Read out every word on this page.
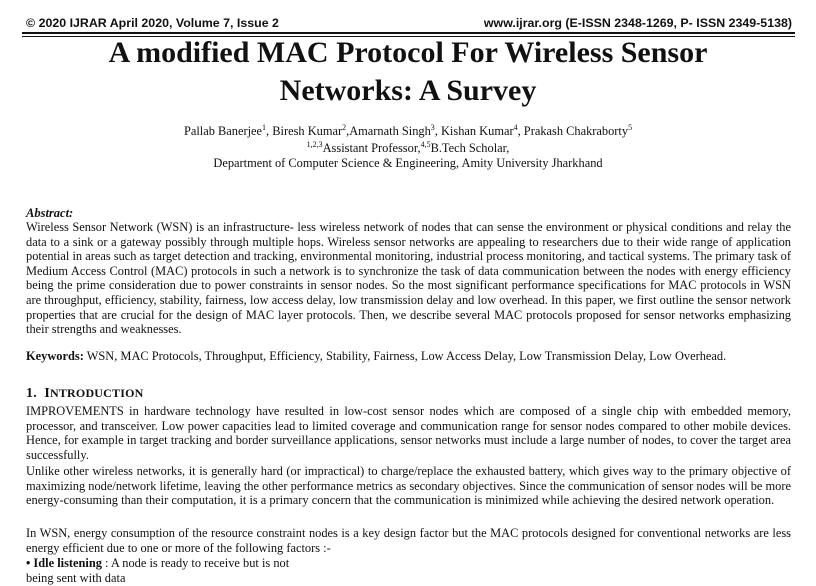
© 2020 IJRAR April 2020, Volume 7, Issue 2	www.ijrar.org (E-ISSN 2348-1269, P- ISSN 2349-5138)
A modified MAC Protocol For Wireless Sensor
Networks: A Survey
Pallab Banerjee$^1$, Biresh Kumar$^2$,Amarnath Singh$^3$, Kishan Kumar$^4$, Prakash Chakraborty$^5$
$^{1,2,3}$Assistant Professor,$^{4,5}$B.Tech Scholar,
Department of Computer Science & Engineering, Amity University Jharkhand
Abstract:

Wireless Sensor Network (WSN) is an infrastructure- less wireless network of nodes that can sense the environment or physical conditions and relay the data to a sink or a gateway possibly through multiple hops. Wireless sensor networks are appealing to researchers due to their wide range of application potential in areas such as target detection and tracking, environmental monitoring, industrial process monitoring, and tactical systems. The primary task of Medium Access Control (MAC) protocols in such a network is to synchronize the task of data communication between the nodes with energy efficiency being the prime consideration due to power constraints in sensor nodes. So the most significant performance specifications for MAC protocols in WSN are throughput, efficiency, stability, fairness, low access delay, low transmission delay and low overhead. In this paper, we first outline the sensor network properties that are crucial for the design of MAC layer protocols. Then, we describe several MAC protocols proposed for sensor networks emphasizing their strengths and weaknesses.

Keywords: WSN, MAC Protocols, Throughput, Efficiency, Stability, Fairness, Low Access Delay, Low Transmission Delay, Low Overhead.

1. INTRODUCTION

IMPROVEMENTS in hardware technology have resulted in low-cost sensor nodes which are composed of a single chip with embedded memory, processor, and transceiver. Low power capacities lead to limited coverage and communication range for sensor nodes compared to other mobile devices. Hence, for example in target tracking and border surveillance applications, sensor networks must include a large number of nodes, to cover the target area successfully.

Unlike other wireless networks, it is generally hard (or impractical) to charge/replace the exhausted battery, which gives way to the primary objective of maximizing node/network lifetime, leaving the other performance metrics as secondary objectives. Since the communication of sensor nodes will be more energy-consuming than their computation, it is a primary concern that the communication is minimized while achieving the desired network operation.

In WSN, energy consumption of the resource constraint nodes is a key design factor but the MAC protocols designed for conventional networks are less energy efficient due to one or more of the following factors :-

• Idle listening : A node is ready to receive but is not
being sent with data
